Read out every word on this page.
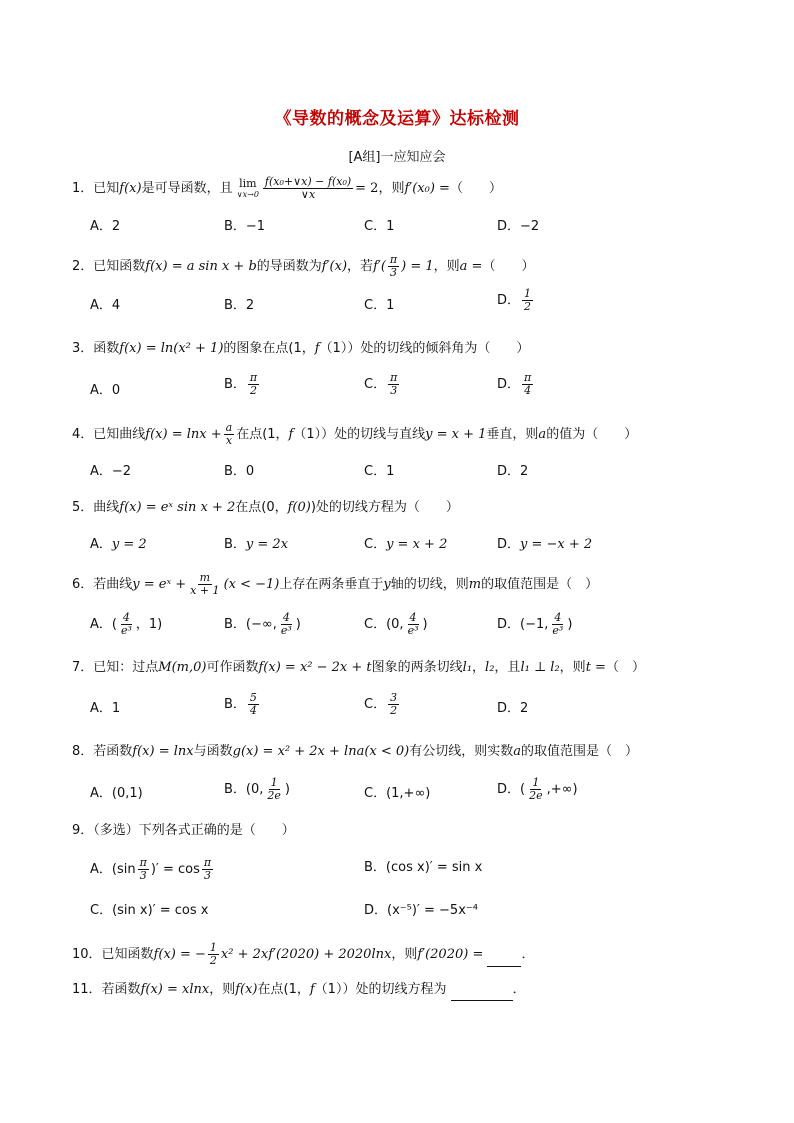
《导数的概念及运算》达标检测
[A组]一应知应会
1．已知f(x)是可导函数，且 lim
∨x→0 $\frac{\text{f(x₀+∨x) − f(x₀)}}{\vee x} = 2$，则f′(x₀) =（　　）
A．2	B．−1	C．1	D．−2
2．已知函数f(x) = a sin x + b的导函数为f′(x)，若$f'( \frac{\pi}{3}$ ) = 1，则a =（　　）
A．4	B．2	C．1	D． $\frac{1}{2}$
3．函数f(x) = ln(x² + 1)的图象在点(1，f（1））处的切线的倾斜角为（　　）
A．0	B． $\frac{\pi}{2}$	C． $\frac{\pi}{3}$	D． $\frac{\pi}{4}$
4．已知曲线$f(x) = \ln x + \frac{a}{x}$ 在点(1，f（1））处的切线与直线y = x + 1垂直，则a的值为（　　）
A．−2	B．0	C．1	D．2
5．曲线f(x) = eˣ sin x + 2在点(0，f(0))处的切线方程为（　　）
A．y = 2	B．y = 2x	C．y = x + 2	D．y = −x + 2
6．若曲线y = eˣ + $\frac{m}{x + 1} (x < -1)$上存在两条垂直于y轴的切线，则m的取值范围是（　）
A．( $\frac{4}{\text{e³}}$ ，1)	B．(−∞, $\frac{4}{\text{e³}}$ )	C．(0, $\frac{4}{\text{e³}}$ )	D．(−1, $\frac{4}{\text{e³}}$ )
7．已知：过点M(m,0)可作函数f(x) = x² − 2x + t图象的两条切线l₁，l₂，且l₁ ⊥ l₂，则t =（　）
A．1	B． $\frac{5}{4}$	C． $\frac{3}{2}$	D．2
8．若函数f(x) = lnx与函数g(x) = x² + 2x + lna(x < 0)有公切线，则实数a的取值范围是（　）
A．(0,1)	B．(0, $\frac{1}{2e}$ )	C．(1,+∞)	D．( $\frac{1}{2e}$ ,+∞)
9．（多选）下列各式正确的是（　　）
A．($\sin \frac{\pi}{3}$ )′ = $\cos \frac{\pi}{3}$	B．(cos x)′ = sin x
C．(sin x)′ = cos x	D．(x⁻⁵)′ = −5x⁻⁴
10．已知函数f(x) = − $\frac{1}{2} x^2 + 2xf'(2020) + 2020\ln x$，则f′(2020) =	．
11．若函数f(x) = xlnx，则f(x)在点(1，f（1））处的切线方程为	．
